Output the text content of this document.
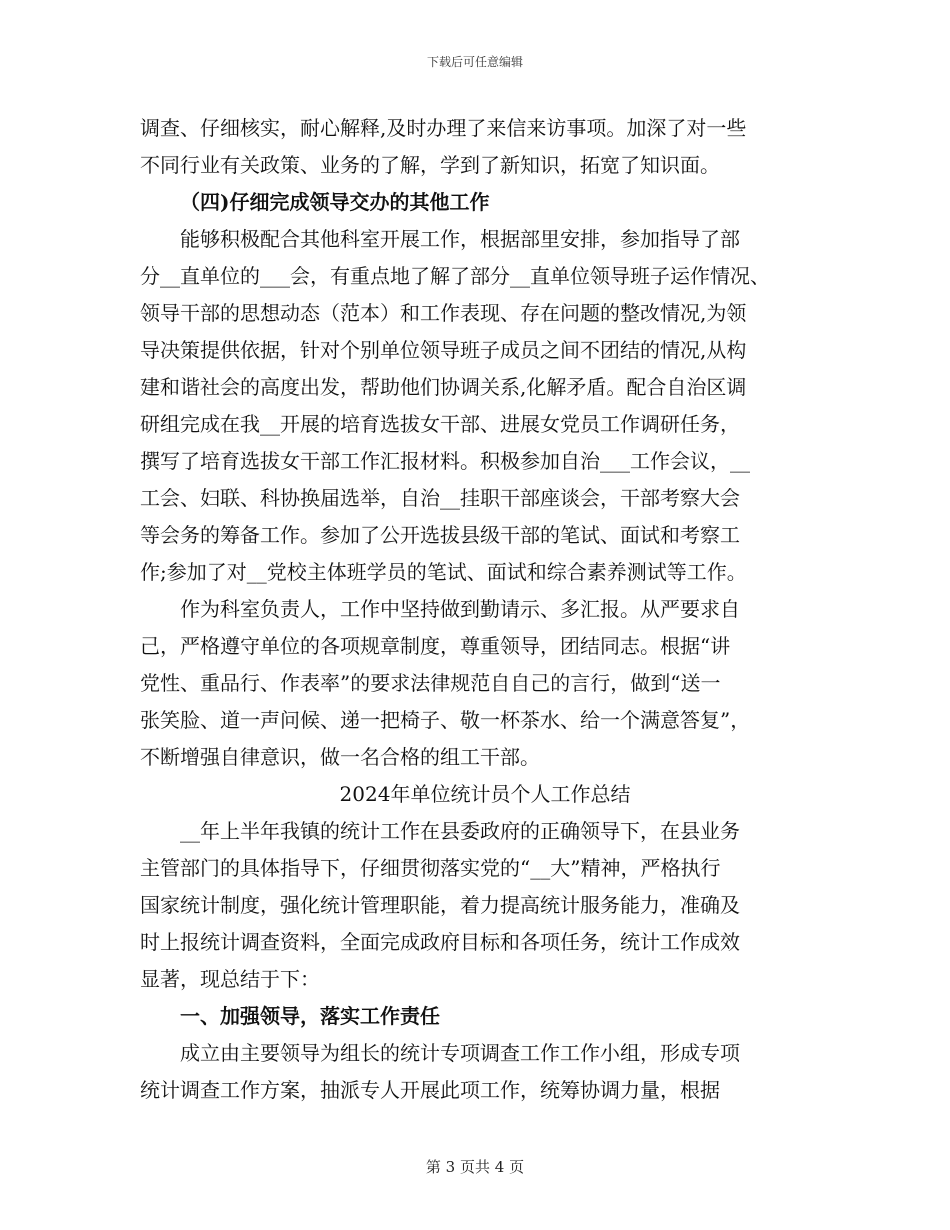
下载后可任意编辑
调查、仔细核实，耐心解释,及时办理了来信来访事项。加深了对一些
不同行业有关政策、业务的了解，学到了新知识，拓宽了知识面。
（四)仔细完成领导交办的其他工作
能够积极配合其他科室开展工作，根据部里安排，参加指导了部
分__直单位的___会，有重点地了解了部分__直单位领导班子运作情况、
领导干部的思想动态（范本）和工作表现、存在问题的整改情况,为领
导决策提供依据，针对个别单位领导班子成员之间不团结的情况,从构
建和谐社会的高度出发，帮助他们协调关系,化解矛盾。配合自治区调
研组完成在我__开展的培育选拔女干部、进展女党员工作调研任务，
撰写了培育选拔女干部工作汇报材料。积极参加自治___工作会议，__
工会、妇联、科协换届选举，自治__挂职干部座谈会，干部考察大会
等会务的筹备工作。参加了公开选拔县级干部的笔试、面试和考察工
作;参加了对__党校主体班学员的笔试、面试和综合素养测试等工作。
作为科室负责人，工作中坚持做到勤请示、多汇报。从严要求自
己，严格遵守单位的各项规章制度，尊重领导，团结同志。根据“讲
党性、重品行、作表率”的要求法律规范自自己的言行，做到“送一
张笑脸、道一声问候、递一把椅子、敬一杯茶水、给一个满意答复”，
不断增强自律意识，做一名合格的组工干部。
2024年单位统计员个人工作总结
__年上半年我镇的统计工作在县委政府的正确领导下，在县业务
主管部门的具体指导下，仔细贯彻落实党的“__大”精神，严格执行
国家统计制度，强化统计管理职能，着力提高统计服务能力，准确及
时上报统计调查资料，全面完成政府目标和各项任务，统计工作成效
显著，现总结于下：
一、加强领导，落实工作责任
成立由主要领导为组长的统计专项调查工作工作小组，形成专项
统计调查工作方案，抽派专人开展此项工作，统筹协调力量，根据
第 3 页共 4 页
